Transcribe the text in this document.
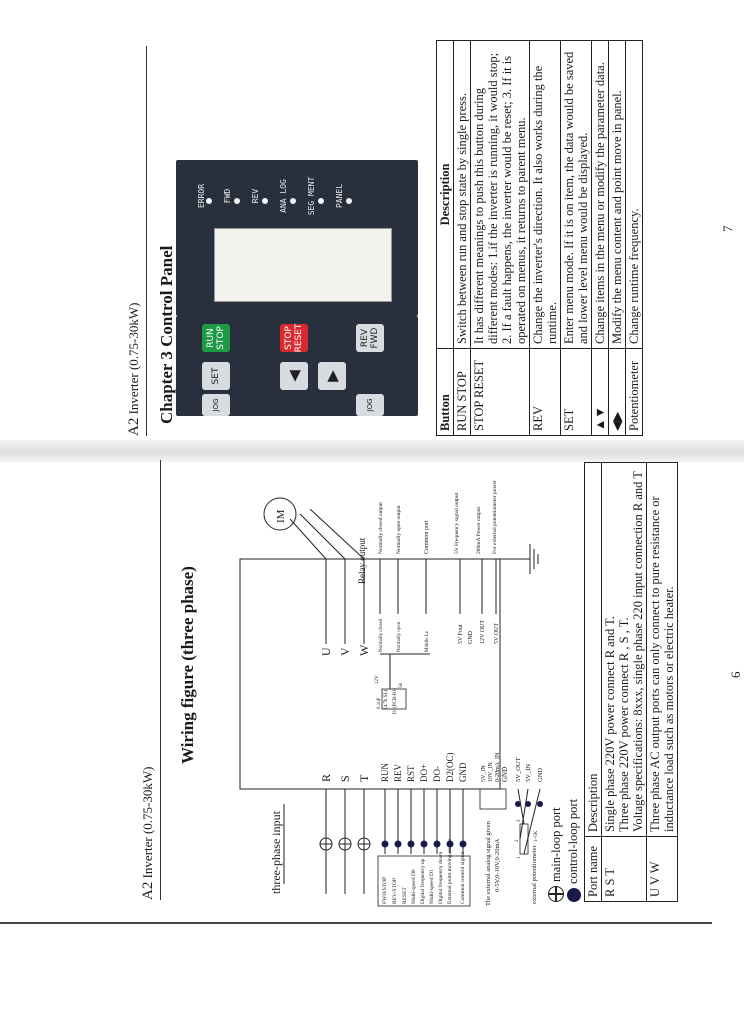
A2 Inverter (0.75-30kW)
Wiring figure (three phase)
three-phase input
R S T
U V W
IM
RUN REV RST DO+ DO- D2(OC) GND
FWD/STOP REV/STOP RESET Multi-speed D0 Digital frequency up Multi-speed D1 Digital frequency down External point moving enable Common control signal	The external analog signal given 0-5V,0-10V,0-20mA
5V_IN 10V_IN 0-20mA_IN GND
external potentiometer
1
2
3
1~5K
5V_OUT 5V_IN GND
0.1uF (4.7k SL)
12V
D1(PCB-IO)
5k
Normally closed	Normally open	Middle Lz
Relay output
Normally closed output Normally open output	Common port
5V Fout GND 12V OUT 5V OUT
5V Frequency signal output	200mA Power output For external potentiometer power
main-loop port control-loop port Port name	Description
R S T	Single phase 220V power connect R and T. Three phase 220V power connect R , S , T. Voltage specifications: 8xxx, single phase 220 input connection R and T

U V W	Three phase AC output ports can only connect to pure resistance or inductance load such as motors or electric heater.	6
A2 Inverter (0.75-30kW) Chapter 3 Control Panel
ERROR FWD REV ANA LOG SEG MENT PANEL
RUN STOP	STOP RESET	REV FWD
SET	◀ ▶
JOG	JOG	Button	Description
RUN STOP	Switch between run and stop state by single press.
STOP RESET	It has different meanings to push this button during different modes: 1.if the inverter is running, it would stop; 2. If a fault happens, the inverter would be reset; 3. If it is operated on menus, it returns to parent menu.
REV	Change the inverter's direction. It also works during the runtime.
SET	Enter menu mode. If it is on item, the data would be saved and lower level menu would be displayed.
▲▼	Change items in the menu or modify the parameter data.
◀▶	Modify the menu content and point move in panel.
Potentiometer	Change runtime frequency.	7
